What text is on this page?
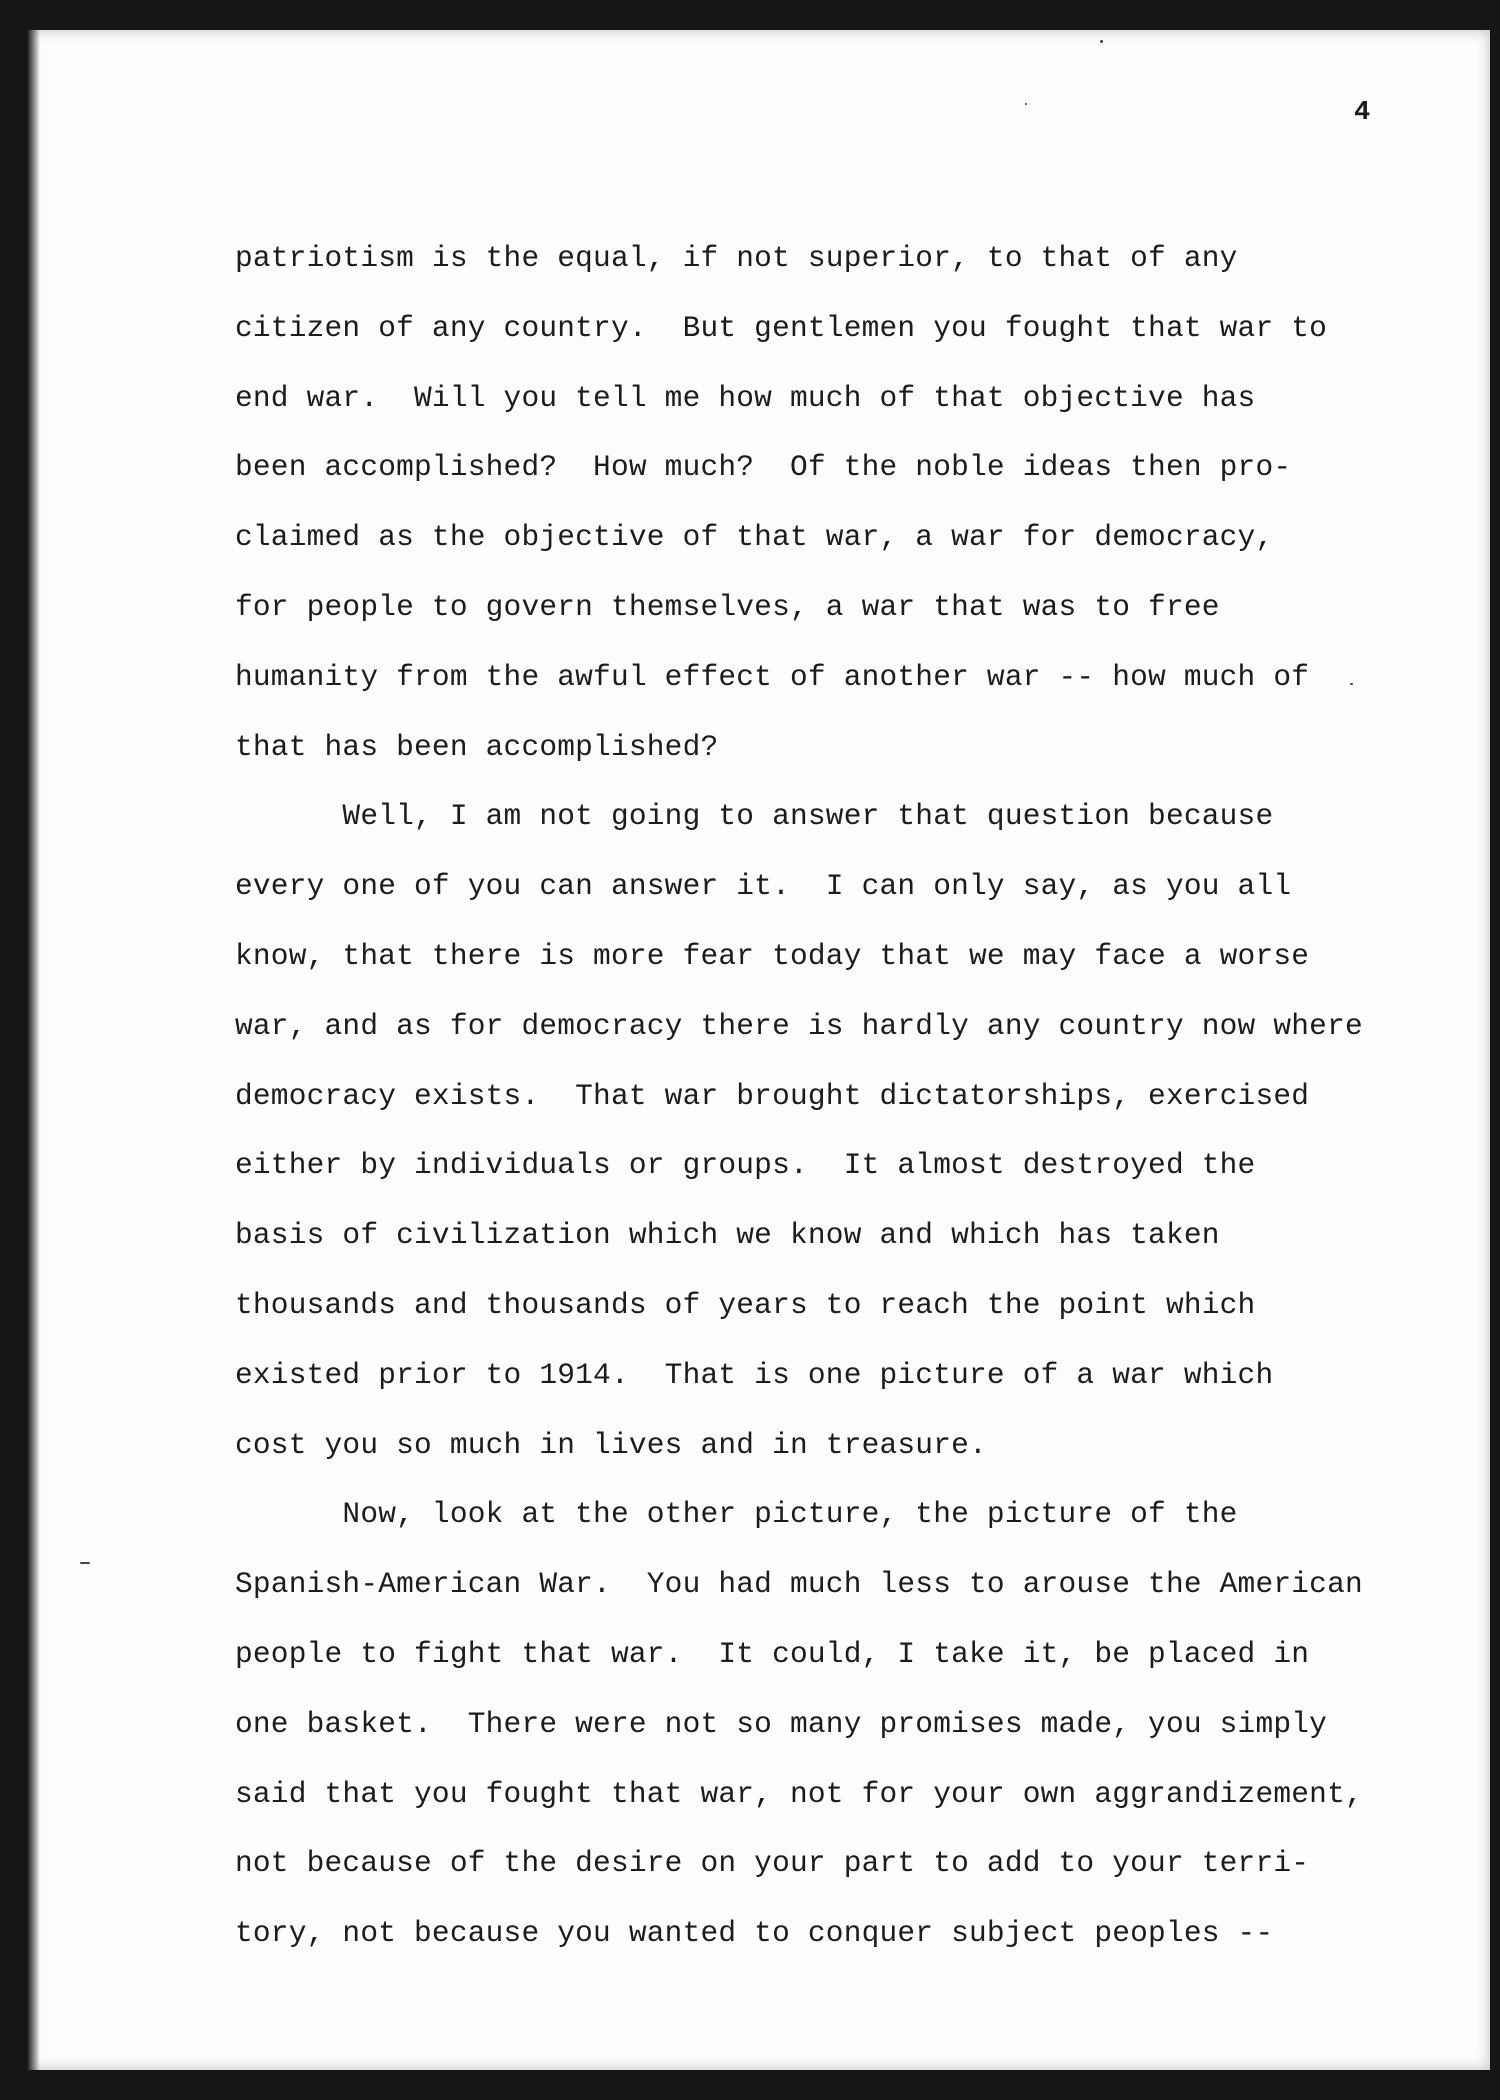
4
patriotism is the equal, if not superior, to that of any
citizen of any country.  But gentlemen you fought that war to
end war.  Will you tell me how much of that objective has
been accomplished?  How much?  Of the noble ideas then pro-
claimed as the objective of that war, a war for democracy,
for people to govern themselves, a war that was to free
humanity from the awful effect of another war -- how much of
that has been accomplished?
Well, I am not going to answer that question because
every one of you can answer it.  I can only say, as you all
know, that there is more fear today that we may face a worse
war, and as for democracy there is hardly any country now where
democracy exists.  That war brought dictatorships, exercised
either by individuals or groups.  It almost destroyed the
basis of civilization which we know and which has taken
thousands and thousands of years to reach the point which
existed prior to 1914.  That is one picture of a war which
cost you so much in lives and in treasure.
Now, look at the other picture, the picture of the
Spanish-American War.  You had much less to arouse the American
people to fight that war.  It could, I take it, be placed in
one basket.  There were not so many promises made, you simply
said that you fought that war, not for your own aggrandizement,
not because of the desire on your part to add to your terri-
tory, not because you wanted to conquer subject peoples --
